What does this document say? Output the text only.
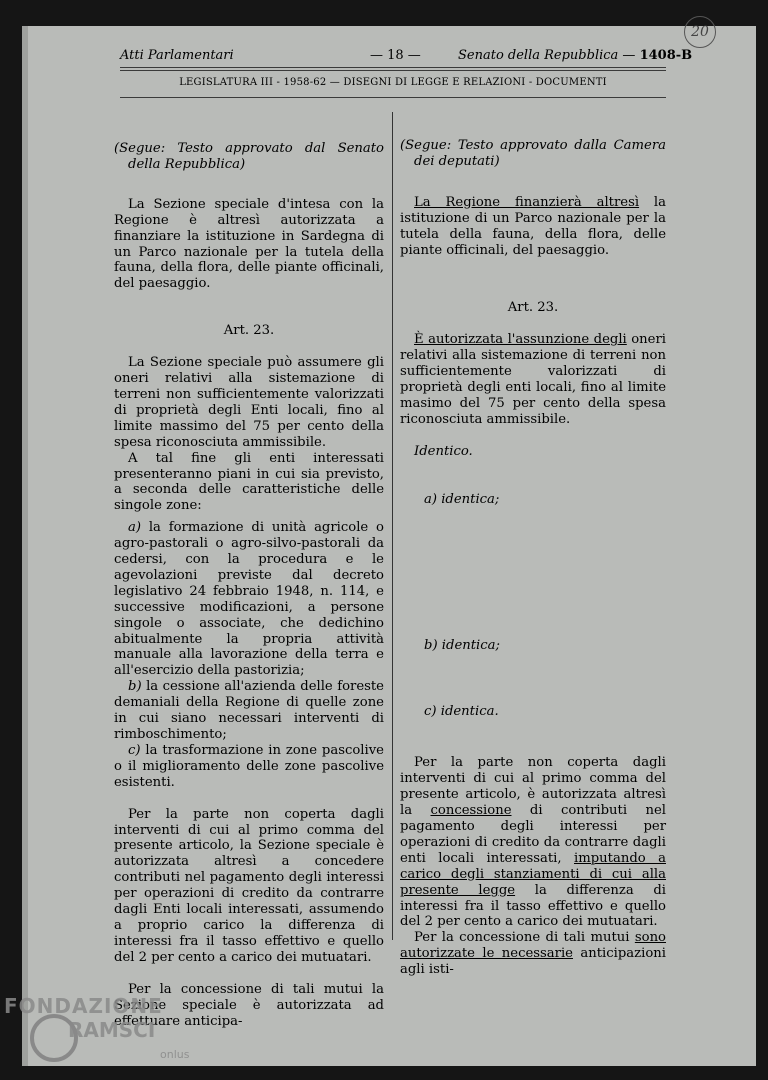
Atti Parlamentari	— 18 —	Senato della Repubblica — 1408-B
20
LEGISLATURA III - 1958-62 — DISEGNI DI LEGGE E RELAZIONI - DOCUMENTI

(Segue: Testo approvato dal Senato della Repubblica)

La Sezione speciale d'intesa con la Regione è altresì autorizzata a finanziare la istituzione in Sardegna di un Parco nazionale per la tutela della fauna, della flora, delle piante officinali, del paesaggio.

Art. 23.

La Sezione speciale può assumere gli oneri relativi alla sistemazione di terreni non sufficientemente valorizzati di proprietà degli Enti locali, fino al limite massimo del 75 per cento della spesa riconosciuta ammissibile.

A tal fine gli enti interessati presenteranno piani in cui sia previsto, a seconda delle caratteristiche delle singole zone:

a) la formazione di unità agricole o agro-pastorali o agro-silvo-pastorali da cedersi, con la procedura e le agevolazioni previste dal decreto legislativo 24 febbraio 1948, n. 114, e successive modificazioni, a persone singole o associate, che dedichino abitualmente la propria attività manuale alla lavorazione della terra e all'esercizio della pastorizia;

b) la cessione all'azienda delle foreste demaniali della Regione di quelle zone in cui siano necessari interventi di rimboschimento;

c) la trasformazione in zone pascolive o il miglioramento delle zone pascolive esistenti.

Per la parte non coperta dagli interventi di cui al primo comma del presente articolo, la Sezione speciale è autorizzata altresì a concedere contributi nel pagamento degli interessi per operazioni di credito da contrarre dagli Enti locali interessati, assumendo a proprio carico la differenza di interessi fra il tasso effettivo e quello del 2 per cento a carico dei mutuatari.

Per la concessione di tali mutui la Sezione speciale è autorizzata ad effettuare anticipa-

(Segue: Testo approvato dalla Camera dei deputati)

La Regione finanzierà altresì la istituzione di un Parco nazionale per la tutela della fauna, della flora, delle piante officinali, del paesaggio.

Art. 23.

È autorizzata l'assunzione degli oneri relativi alla sistemazione di terreni non sufficientemente valorizzati di proprietà degli enti locali, fino al limite masimo del 75 per cento della spesa riconosciuta ammissibile.

Identico.

a) identica;

b) identica;

c) identica.

Per la parte non coperta dagli interventi di cui al primo comma del presente articolo, è autorizzata altresì la concessione di contributi nel pagamento degli interessi per operazioni di credito da contrarre dagli enti locali interessati, imputando a carico degli stanziamenti di cui alla presente legge la differenza di interessi fra il tasso effettivo e quello del 2 per cento a carico dei mutuatari.

Per la concessione di tali mutui sono autorizzate le necessarie anticipazioni agli isti-

FONDAZIONE
RAMSCI
onlus
